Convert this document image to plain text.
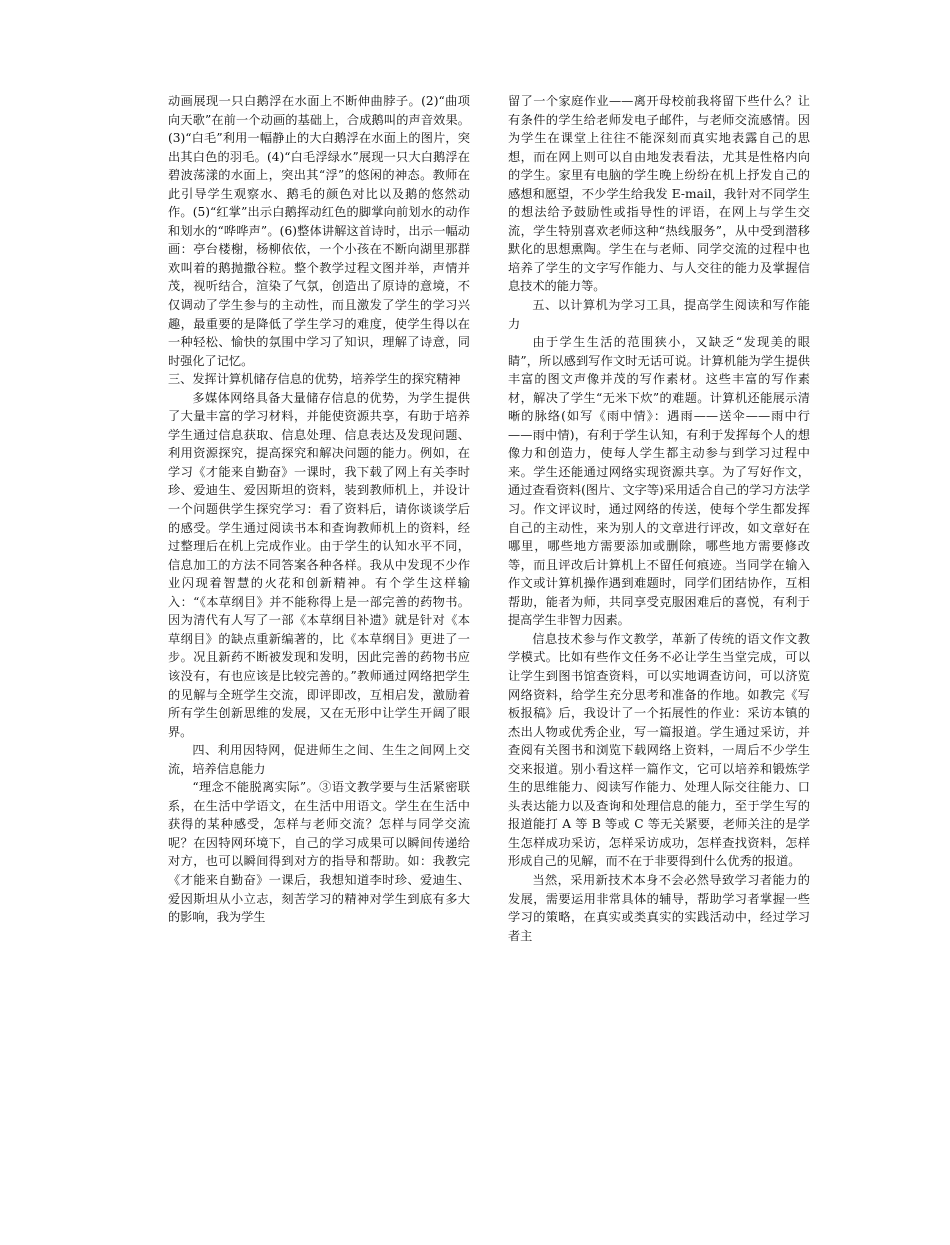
动画展现一只白鹅浮在水面上不断伸曲脖子。(2)“曲项向天歌”在前一个动画的基础上，合成鹅叫的声音效果。(3)“白毛”利用一幅静止的大白鹅浮在水面上的图片，突出其白色的羽毛。(4)“白毛浮绿水”展现一只大白鹅浮在碧波荡漾的水面上，突出其“浮”的悠闲的神态。教师在此引导学生观察水、鹅毛的颜色对比以及鹅的悠然动作。(5)“红掌”出示白鹅挥动红色的脚掌向前划水的动作和划水的“哗哗声”。(6)整体讲解这首诗时，出示一幅动画：亭台楼榭，杨柳依依，一个小孩在不断向湖里那群欢叫着的鹅抛撒谷粒。整个教学过程文图并举，声情并茂，视听结合，渲染了气氛，创造出了原诗的意境，不仅调动了学生参与的主动性，而且激发了学生的学习兴趣，最重要的是降低了学生学习的难度，使学生得以在一种轻松、愉快的氛围中学习了知识，理解了诗意，同时强化了记忆。

三、发挥计算机储存信息的优势，培养学生的探究精神

多媒体网络具备大量储存信息的优势，为学生提供了大量丰富的学习材料，并能使资源共享，有助于培养学生通过信息获取、信息处理、信息表达及发现问题、利用资源探究，提高探究和解决问题的能力。例如，在学习《才能来自勤奋》一课时，我下载了网上有关李时珍、爱迪生、爱因斯坦的资料，装到教师机上，并设计一个问题供学生探究学习：看了资料后，请你谈谈学后的感受。学生通过阅读书本和查询教师机上的资料，经过整理后在机上完成作业。由于学生的认知水平不同，信息加工的方法不同答案各种各样。我从中发现不少作业闪现着智慧的火花和创新精神。有个学生这样输入：“《本草纲目》并不能称得上是一部完善的药物书。因为清代有人写了一部《本草纲目补遗》就是针对《本草纲目》的缺点重新编著的，比《本草纲目》更进了一步。况且新药不断被发现和发明，因此完善的药物书应该没有，有也应该是比较完善的。”教师通过网络把学生的见解与全班学生交流，即评即改，互相启发，激励着所有学生创新思维的发展，又在无形中让学生开阔了眼界。

四、利用因特网，促进师生之间、生生之间网上交流，培养信息能力

“理念不能脱离实际”。③语文教学要与生活紧密联系，在生活中学语文，在生活中用语文。学生在生活中获得的某种感受，怎样与老师交流？怎样与同学交流呢？在因特网环境下，自己的学习成果可以瞬间传递给对方，也可以瞬间得到对方的指导和帮助。如：我教完《才能来自勤奋》一课后，我想知道李时珍、爱迪生、爱因斯坦从小立志，刻苦学习的精神对学生到底有多大的影响，我为学生

留了一个家庭作业——离开母校前我将留下些什么？让有条件的学生给老师发电子邮件，与老师交流感情。因为学生在课堂上往往不能深刻而真实地表露自己的思想，而在网上则可以自由地发表看法，尤其是性格内向的学生。家里有电脑的学生晚上纷纷在机上抒发自己的感想和愿望，不少学生给我发 E-mail，我针对不同学生的想法给予鼓励性或指导性的评语，在网上与学生交流，学生特别喜欢老师这种“热线服务”，从中受到潜移默化的思想熏陶。学生在与老师、同学交流的过程中也培养了学生的文字写作能力、与人交往的能力及掌握信息技术的能力等。

五、以计算机为学习工具，提高学生阅读和写作能力

由于学生生活的范围狭小，又缺乏“发现美的眼睛”，所以感到写作文时无话可说。计算机能为学生提供丰富的图文声像并茂的写作素材。这些丰富的写作素材，解决了学生“无米下炊”的难题。计算机还能展示清晰的脉络(如写《雨中情》：遇雨——送伞——雨中行——雨中情)，有利于学生认知，有利于发挥每个人的想像力和创造力，使每人学生都主动参与到学习过程中来。学生还能通过网络实现资源共享。为了写好作文，通过查看资料(图片、文字等)采用适合自己的学习方法学习。作文评议时，通过网络的传送，使每个学生都发挥自己的主动性，来为别人的文章进行评改，如文章好在哪里，哪些地方需要添加或删除，哪些地方需要修改等，而且评改后计算机上不留任何痕迹。当同学在输入作文或计算机操作遇到难题时，同学们团结协作，互相帮助，能者为师，共同享受克服困难后的喜悦，有利于提高学生非智力因素。

信息技术参与作文教学，革新了传统的语文作文教学模式。比如有些作文任务不必让学生当堂完成，可以让学生到图书馆查资料，可以实地调查访问，可以济览网络资料，给学生充分思考和准备的作地。如教完《写板报稿》后，我设计了一个拓展性的作业：采访本镇的杰出人物或优秀企业，写一篇报道。学生通过采访，并查阅有关图书和浏览下载网络上资料，一周后不少学生交来报道。别小看这样一篇作文，它可以培养和锻炼学生的思维能力、阅读写作能力、处理人际交往能力、口头表达能力以及查询和处理信息的能力，至于学生写的报道能打 A 等 B 等或 C 等无关紧要，老师关注的是学生怎样成功采访，怎样采访成功，怎样查找资料，怎样形成自己的见解，而不在于非要得到什么优秀的报道。

当然，采用新技术本身不会必然导致学习者能力的发展，需要运用非常具体的辅导，帮助学习者掌握一些学习的策略，在真实或类真实的实践活动中，经过学习者主
